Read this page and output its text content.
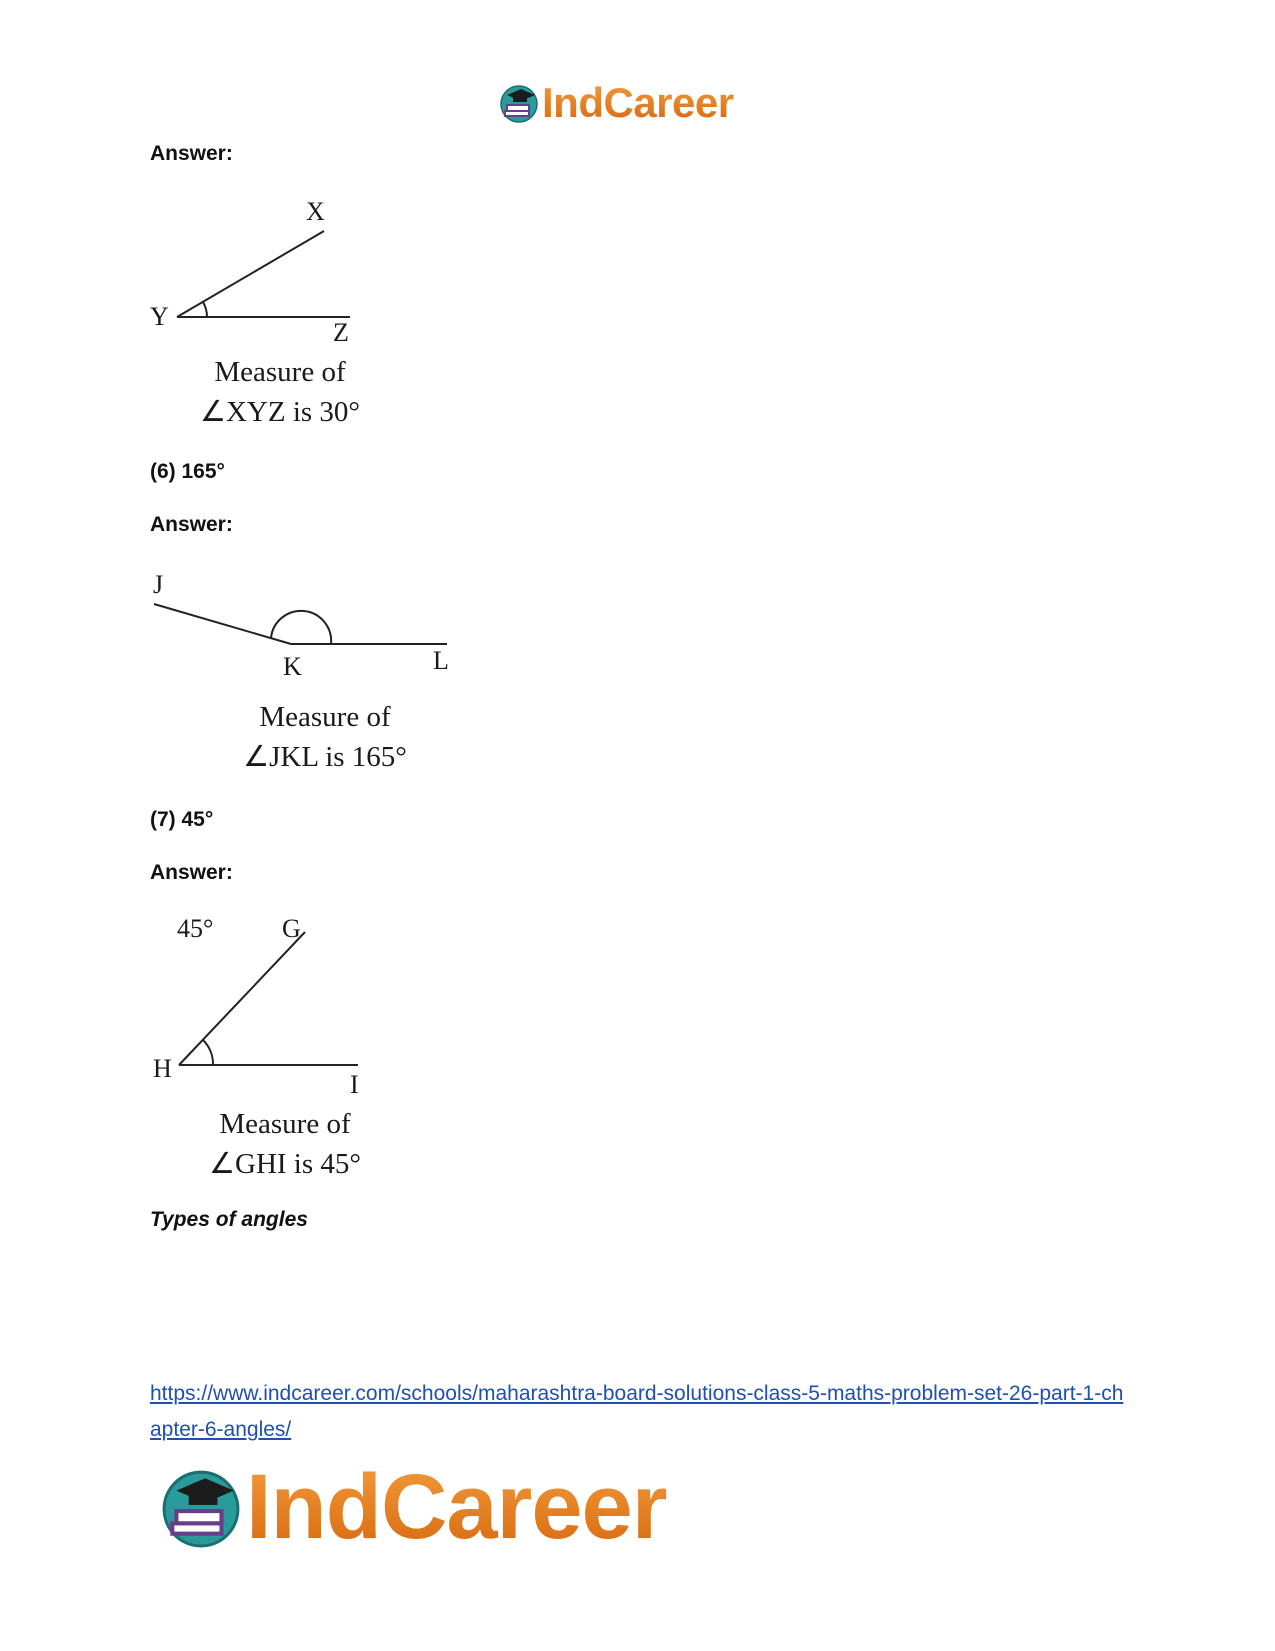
IndCareer
Answer:
X
Y
Z
Measure of
∠XYZ is 30°
(6) 165°
Answer:
J
K	L
Measure of
∠JKL is 165°
(7) 45°
Answer:
45°	G
H
I
Measure of
∠GHI is 45°
Types of angles
https://www.indcareer.com/schools/maharashtra-board-solutions-class-5-maths-problem-set-26-part-1-chapter-6-angles/
IndCareer
